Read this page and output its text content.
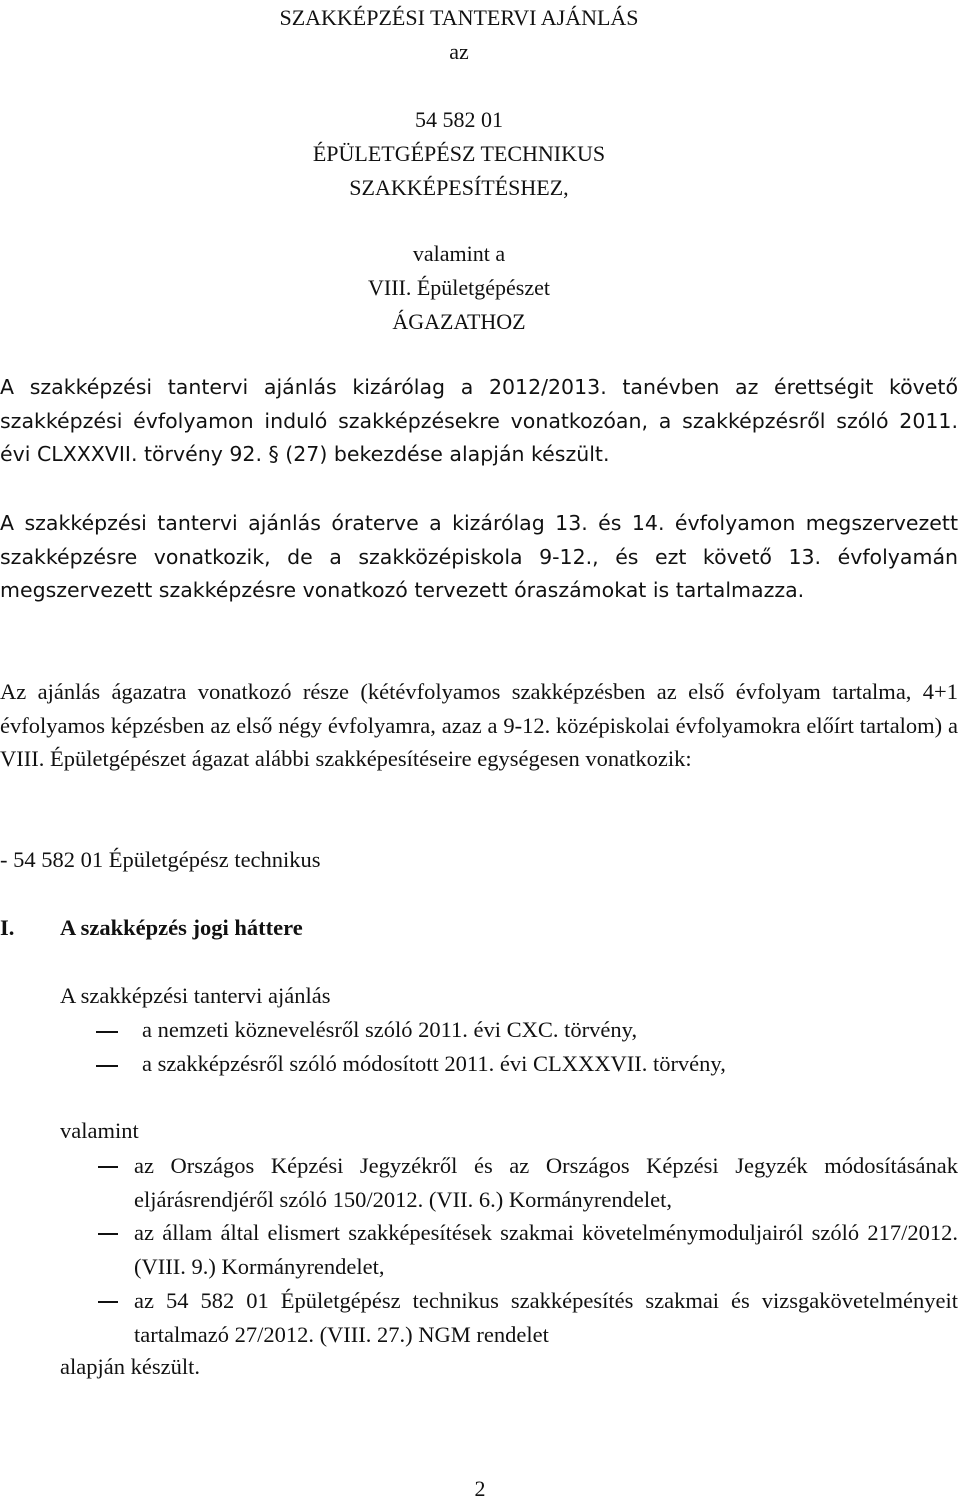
SZAKKÉPZÉSI TANTERVI AJÁNLÁS
az
54 582 01
ÉPÜLETGÉPÉSZ TECHNIKUS
SZAKKÉPESÍTÉSHEZ,
valamint a
VIII. Épületgépészet
ÁGAZATHOZ
A szakképzési tantervi ajánlás kizárólag a 2012/2013. tanévben az érettségit követő szakképzési évfolyamon induló szakképzésekre vonatkozóan, a szakképzésről szóló 2011. évi CLXXXVII. törvény 92. § (27) bekezdése alapján készült.
A szakképzési tantervi ajánlás óraterve a kizárólag 13. és 14. évfolyamon megszervezett szakképzésre vonatkozik, de a szakközépiskola 9-12., és ezt követő 13. évfolyamán megszervezett szakképzésre vonatkozó tervezett óraszámokat is tartalmazza.
Az ajánlás ágazatra vonatkozó része (kétévfolyamos szakképzésben az első évfolyam tartalma, 4+1 évfolyamos képzésben az első négy évfolyamra, azaz a 9-12. középiskolai évfolyamokra előírt tartalom) a VIII. Épületgépészet ágazat alábbi szakképesítéseire egységesen vonatkozik:
- 54 582 01 Épületgépész technikus
I. A szakképzés jogi háttere
A szakképzési tantervi ajánlás
a nemzeti köznevelésről szóló 2011. évi CXC. törvény,
a szakképzésről szóló módosított 2011. évi CLXXXVII. törvény,
valamint
az Országos Képzési Jegyzékről és az Országos Képzési Jegyzék módosításának eljárásrendjéről szóló 150/2012. (VII. 6.) Kormányrendelet,
az állam által elismert szakképesítések szakmai követelménymoduljairól szóló 217/2012. (VIII. 9.) Kormányrendelet,
az 54 582 01 Épületgépész technikus szakképesítés szakmai és vizsgakövetelményeit tartalmazó 27/2012. (VIII. 27.) NGM rendelet
alapján készült.
2
